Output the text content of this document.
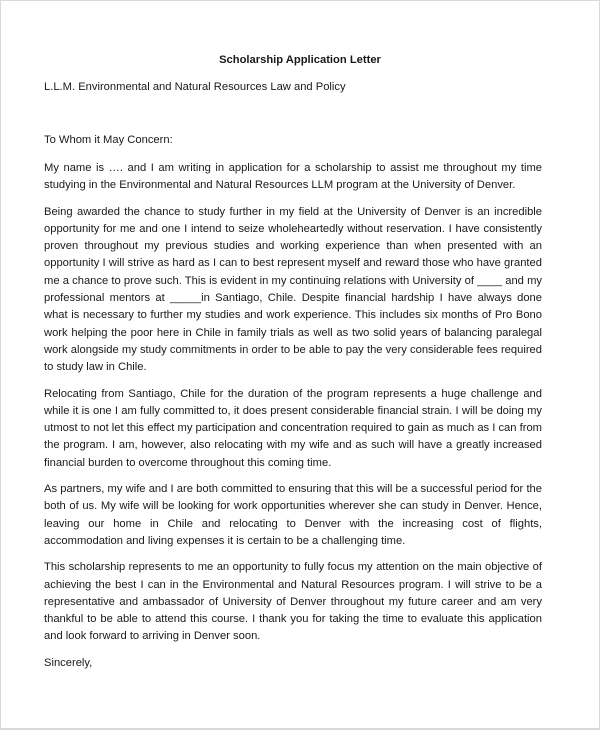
Scholarship Application Letter
L.L.M. Environmental and Natural Resources Law and Policy
To Whom it May Concern:

My name is …. and I am writing in application for a scholarship to assist me throughout my time studying in the Environmental and Natural Resources LLM program at the University of Denver.

Being awarded the chance to study further in my field at the University of Denver is an incredible opportunity for me and one I intend to seize wholeheartedly without reservation. I have consistently proven throughout my previous studies and working experience than when presented with an opportunity I will strive as hard as I can to best represent myself and reward those who have granted me a chance to prove such. This is evident in my continuing relations with University of ____ and my professional mentors at _____in Santiago, Chile. Despite financial hardship I have always done what is necessary to further my studies and work experience. This includes six months of Pro Bono work helping the poor here in Chile in family trials as well as two solid years of balancing paralegal work alongside my study commitments in order to be able to pay the very considerable fees required to study law in Chile.

Relocating from Santiago, Chile for the duration of the program represents a huge challenge and while it is one I am fully committed to, it does present considerable financial strain. I will be doing my utmost to not let this effect my participation and concentration required to gain as much as I can from the program. I am, however, also relocating with my wife and as such will have a greatly increased financial burden to overcome throughout this coming time.

As partners, my wife and I are both committed to ensuring that this will be a successful period for the both of us. My wife will be looking for work opportunities wherever she can study in Denver. Hence, leaving our home in Chile and relocating to Denver with the increasing cost of flights, accommodation and living expenses it is certain to be a challenging time.

This scholarship represents to me an opportunity to fully focus my attention on the main objective of achieving the best I can in the Environmental and Natural Resources program. I will strive to be a representative and ambassador of University of Denver throughout my future career and am very thankful to be able to attend this course. I thank you for taking the time to evaluate this application and look forward to arriving in Denver soon.

Sincerely,
